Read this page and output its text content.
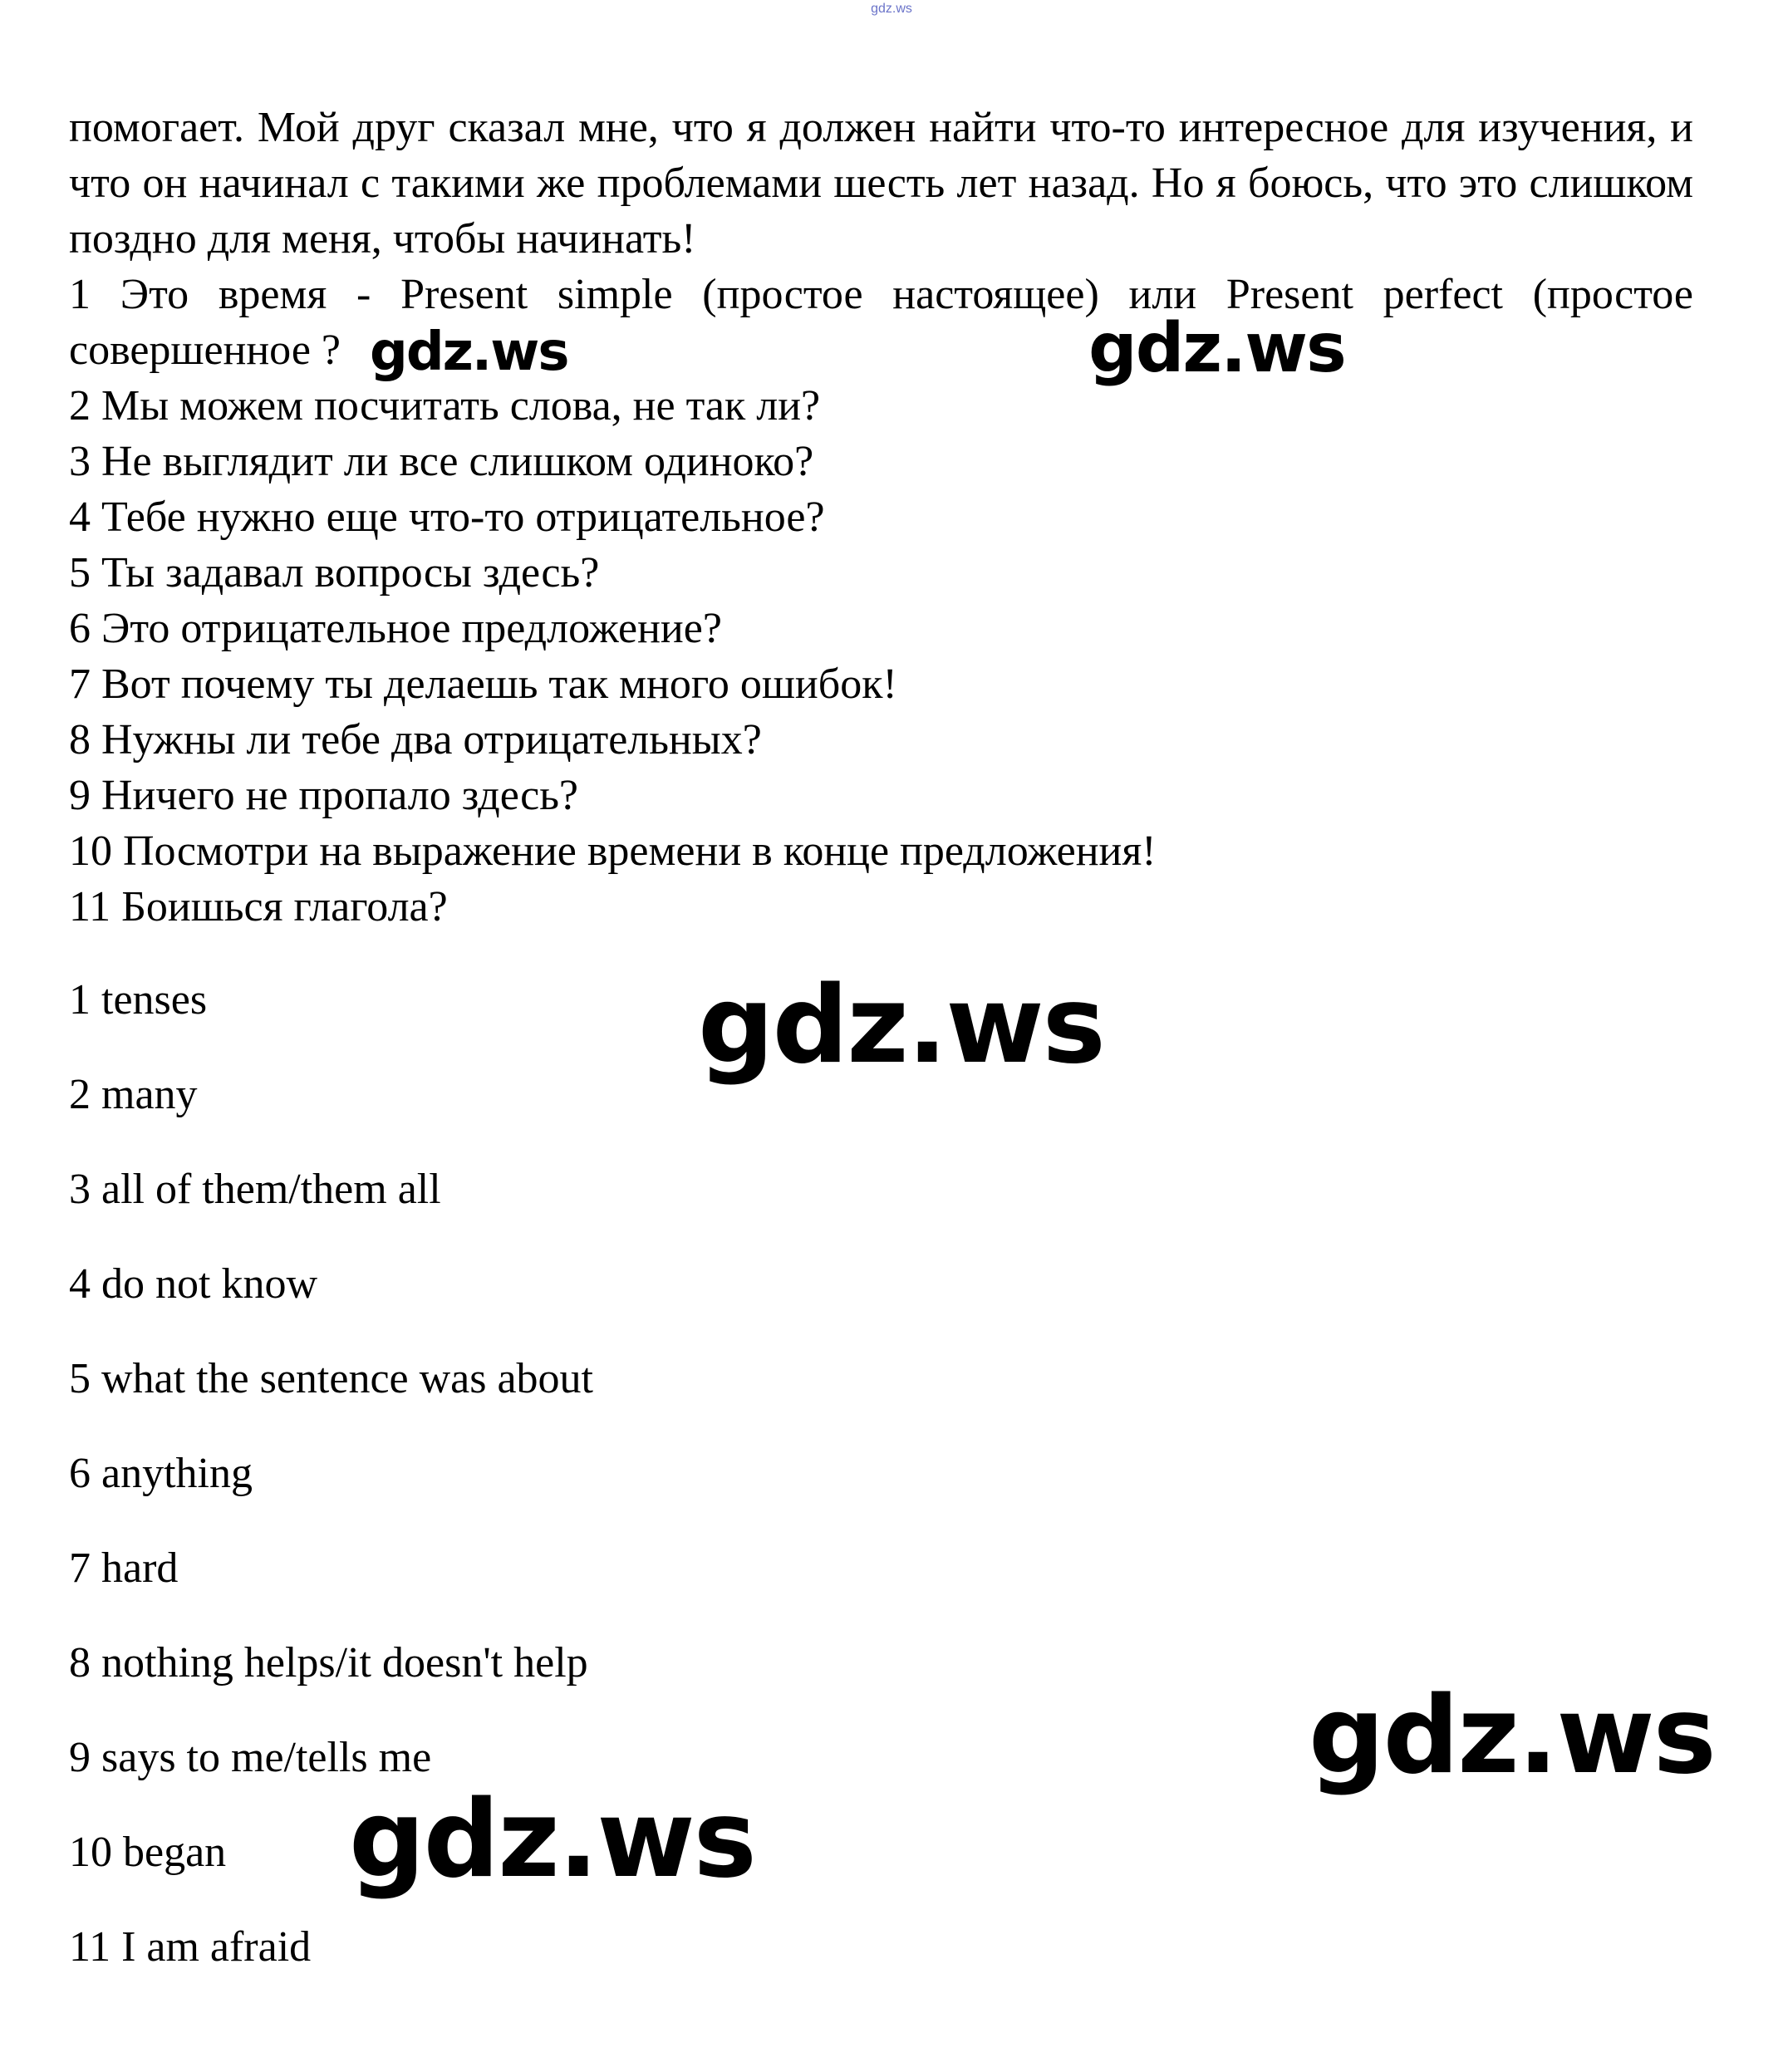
gdz.ws

помогает. Мой друг сказал мне, что я должен найти что-то интересное для изучения, и что он начинал с такими же проблемами шесть лет назад. Но я боюсь, что это слишком поздно для меня, чтобы начинать!

1 Это время - Present simple (простое настоящее) или Present perfect (простое совершенное ?

2 Мы можем посчитать слова, не так ли?

3 Не выглядит ли все слишком одиноко?

4 Тебе нужно еще что-то отрицательное?

5 Ты задавал вопросы здесь?

6 Это отрицательное предложение?

7 Вот почему ты делаешь так много ошибок!

8 Нужны ли тебе два отрицательных?

9 Ничего не пропало здесь?

10 Посмотри на выражение времени в конце предложения!

11 Боишься глагола?

1 tenses

2 many

3 all of them/them all

4 do not know

5 what the sentence was about

6 anything

7 hard

8 nothing helps/it doesn't help

9 says to me/tells me

10 began

11 I am afraid

gdz.ws	gdz.ws
gdz.ws
gdz.ws
gdz.ws
